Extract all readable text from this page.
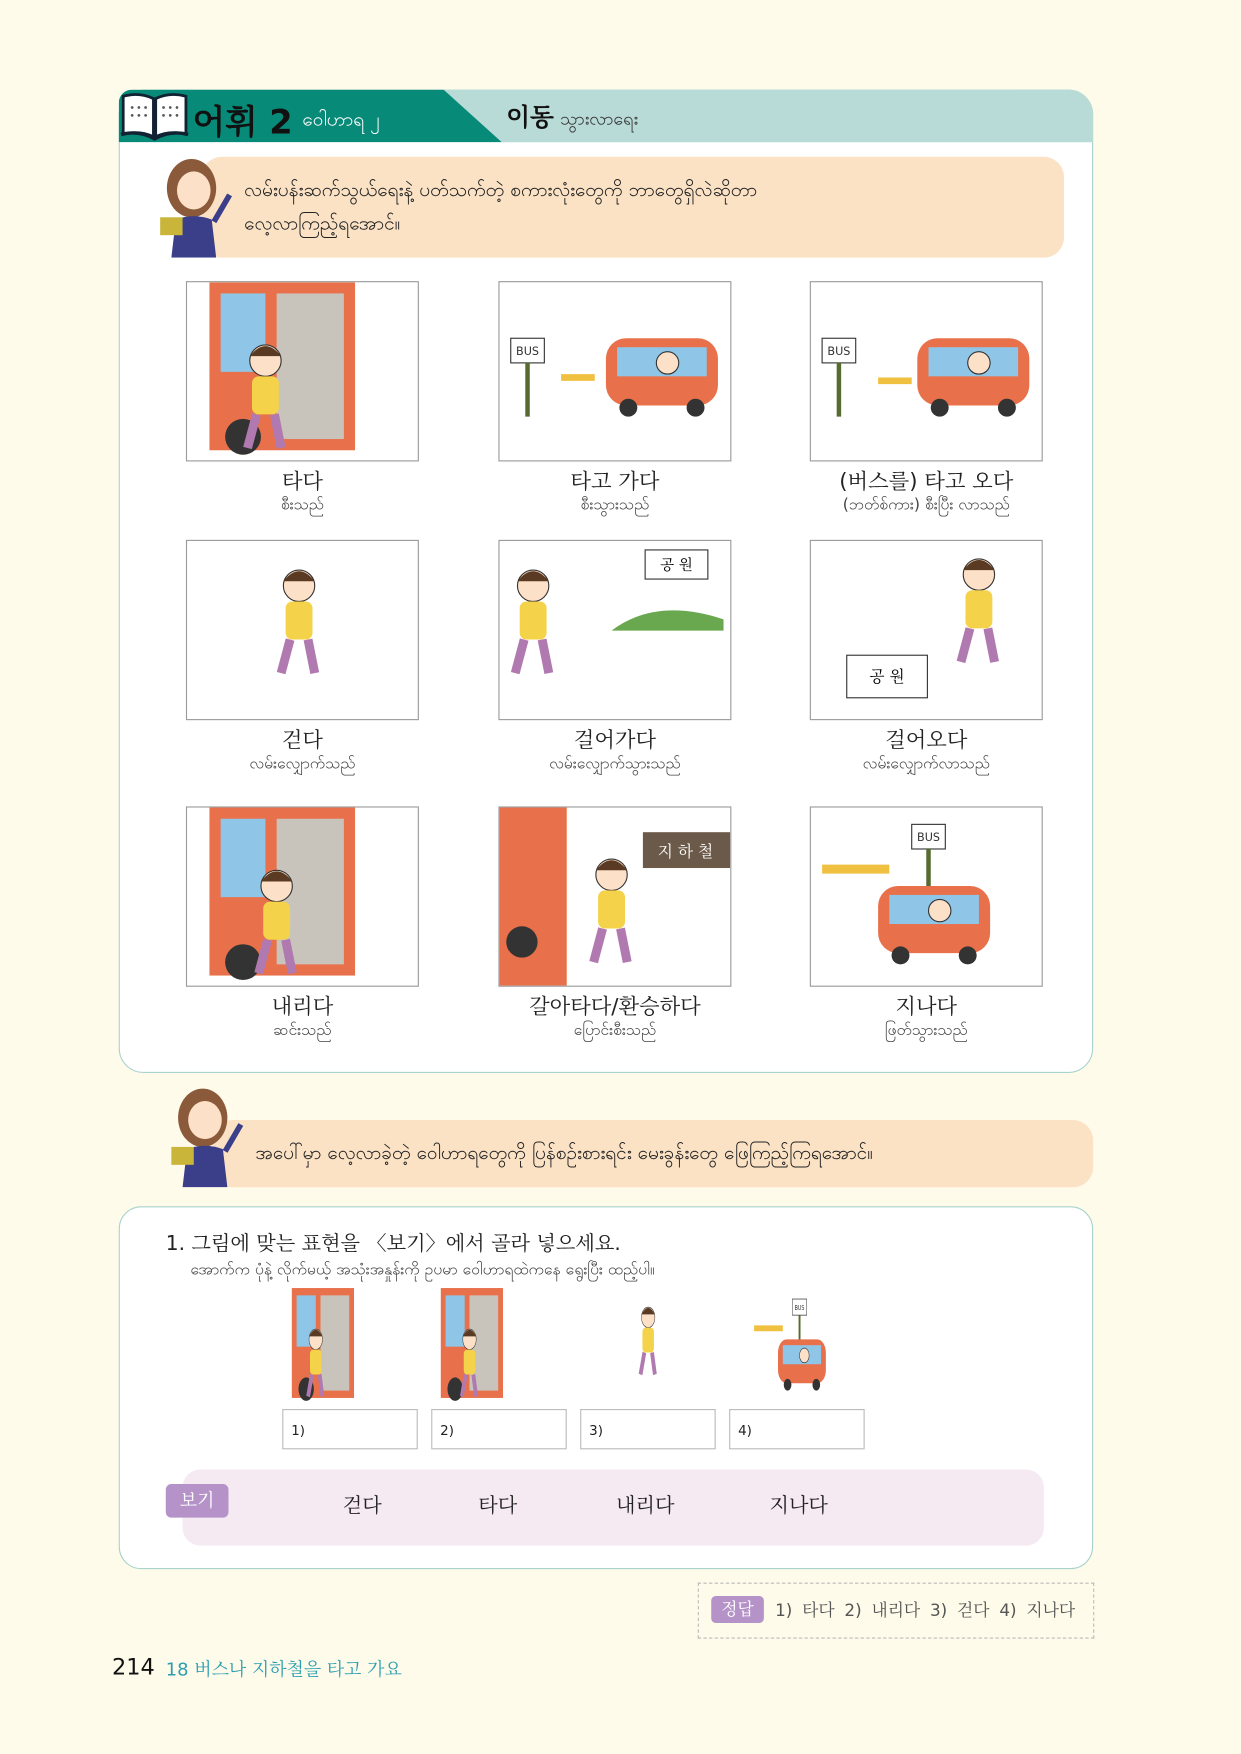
어휘 2 ဝေါဟာရ ၂	이동 သွားလာရေး
လမ်းပန်းဆက်သွယ်ရေးနဲ့ ပတ်သက်တဲ့ စကားလုံးတွေကို ဘာတွေရှိလဲဆိုတာ
လေ့လာကြည့်ရအောင်။
타다
စီးသည်
BUS
타고 가다
စီးသွားသည်
BUS
(버스를) 타고 오다
(ဘတ်စ်ကား) စီးပြီး လာသည်
걷다
လမ်းလျှောက်သည်
공 원
걸어가다
လမ်းလျှောက်သွားသည်
공 원
걸어오다
လမ်းလျှောက်လာသည်
내리다
ဆင်းသည်
지 하 철
갈아타다/환승하다
ပြောင်းစီးသည်
BUS
지나다
ဖြတ်သွားသည်
အပေါ်မှာ လေ့လာခဲ့တဲ့ ဝေါဟာရတွေကို ပြန်စဉ်းစားရင်း မေးခွန်းတွေ ဖြေကြည့်ကြရအောင်။
1. 그림에 맞는 표현을 〈보기〉에서 골라 넣으세요.
အောက်က ပုံနဲ့ လိုက်မယ့် အသုံးအနှုန်းကို ဥပမာ ဝေါဟာရထဲကနေ ရွေးပြီး ထည့်ပါ။
1)	2)	3)
BUS
4)
보기	걷다	타다	내리다	지나다
정답	1) 타다 2) 내리다 3) 걷다 4) 지나다
214 18 버스나 지하철을 타고 가요
